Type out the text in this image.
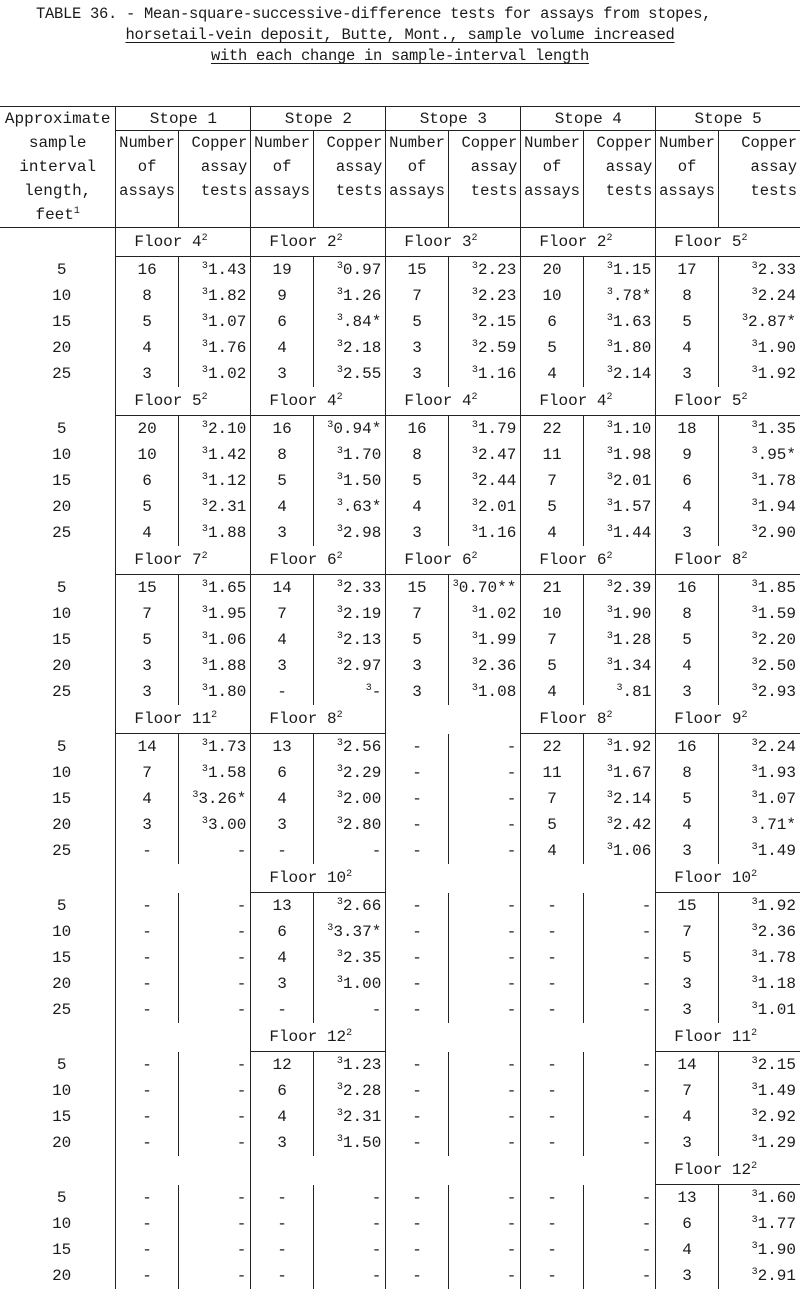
TABLE 36. - Mean-square-successive-difference tests for assays from stopes,
horsetail-vein deposit, Butte, Mont., sample volume increased
with each change in sample-interval length
Approximate
sample
interval
length,
feet$^1$	Stope 1		Stope 2		Stope 3		Stope 4		Stope 5	
	Number
of
assays	Copper
assay
tests	Number
of
assays	Copper
assay
tests	Number
of
assays	Copper
assay
tests	Number
of
assays	Copper
assay
tests	Number
of
assays	Copper
assay
tests
	Floor $4^2$		Floor $2^2$		Floor $3^2$		Floor $2^2$		Floor $5^2$
5	16	$^3$1.43	19	$^3$0.97	15	$^3$2.23	20	$^3$1.15	17	$^3$2.33
10	8	$^3$1.82	9	$^3$1.26	7	$^3$2.23	10	$^3$.78*	8	$^3$2.24
15	5	$^3$1.07	6	$^3$.84*	5	$^3$2.15	6	$^3$1.63	5	$^3$2.87*
20	4	$^3$1.76	4	$^3$2.18	3	$^3$2.59	5	$^3$1.80	4	$^3$1.90
25	3	$^3$1.02	3	$^3$2.55	3	$^3$1.16	4	$^3$2.14	3	$^3$1.92
	Floor $5^2$		Floor $4^2$		Floor $4^2$		Floor $4^2$		Floor $5^2$
5	20	$^3$2.10	16	$^3$0.94*	16	$^3$1.79	22	$^3$1.10	18	$^3$1.35
10	10	$^3$1.42	8	$^3$1.70	8	$^3$2.47	11	$^3$1.98	9	$^3$.95*
15	6	$^3$1.12	5	$^3$1.50	5	$^3$2.44	7	$^3$2.01	6	$^3$1.78
20	5	$^3$2.31	4	$^3$.63*	4	$^3$2.01	5	$^3$1.57	4	$^3$1.94
25	4	$^3$1.88	3	$^3$2.98	3	$^3$1.16	4	$^3$1.44	3	$^3$2.90
	Floor $7^2$		Floor $6^2$		Floor $6^2$		Floor $6^2$		Floor $8^2$
5	15	$^3$1.65	14	$^3$2.33	15	$^3$0.70**	21	$^3$2.39	16	$^3$1.85
10	7	$^3$1.95	7	$^3$2.19	7	$^3$1.02	10	$^3$1.90	8	$^3$1.59
15	5	$^3$1.06	4	$^3$2.13	5	$^3$1.99	7	$^3$1.28	5	$^3$2.20
20	3	$^3$1.88	3	$^3$2.97	3	$^3$2.36	5	$^3$1.34	4	$^3$2.50
25	3	$^3$1.80	-	$^3$-	3	$^3$1.08	4	$^3$.81	3	$^3$2.93
	Floor $11^2$		Floor $8^2$				Floor $8^2$		Floor $9^2$
5	14	$^3$1.73	13	$^3$2.56	-	-	22	$^3$1.92	16	$^3$2.24
10	7	$^3$1.58	6	$^3$2.29	-	-	11	$^3$1.67	8	$^3$1.93
15	4	$^3$3.26*	4	$^3$2.00	-	-	7	$^3$2.14	5	$^3$1.07
20	3	$^3$3.00	3	$^3$2.80	-	-	5	$^3$2.42	4	$^3$.71*
25	-	-	-	-	-	-	4	$^3$1.06	3	$^3$1.49
			Floor $10^2$						Floor $10^2$
5	-	-	13	$^3$2.66	-	-	-	-	15	$^3$1.92
10	-	-	6	$^3$3.37*	-	-	-	-	7	$^3$2.36
15	-	-	4	$^3$2.35	-	-	-	-	5	$^3$1.78
20	-	-	3	$^3$1.00	-	-	-	-	3	$^3$1.18
25	-	-	-	-	-	-	-	-	3	$^3$1.01
			Floor $12^2$						Floor $11^2$
5	-	-	12	$^3$1.23	-	-	-	-	14	$^3$2.15
10	-	-	6	$^3$2.28	-	-	-	-	7	$^3$1.49
15	-	-	4	$^3$2.31	-	-	-	-	4	$^3$2.92
20	-	-	3	$^3$1.50	-	-	-	-	3	$^3$1.29
									Floor $12^2$
5	-	-	-	-	-	-	-	-	13	$^3$1.60
10	-	-	-	-	-	-	-	-	6	$^3$1.77
15	-	-	-	-	-	-	-	-	4	$^3$1.90
20	-	-	-	-	-	-	-	-	3	$^3$2.91
